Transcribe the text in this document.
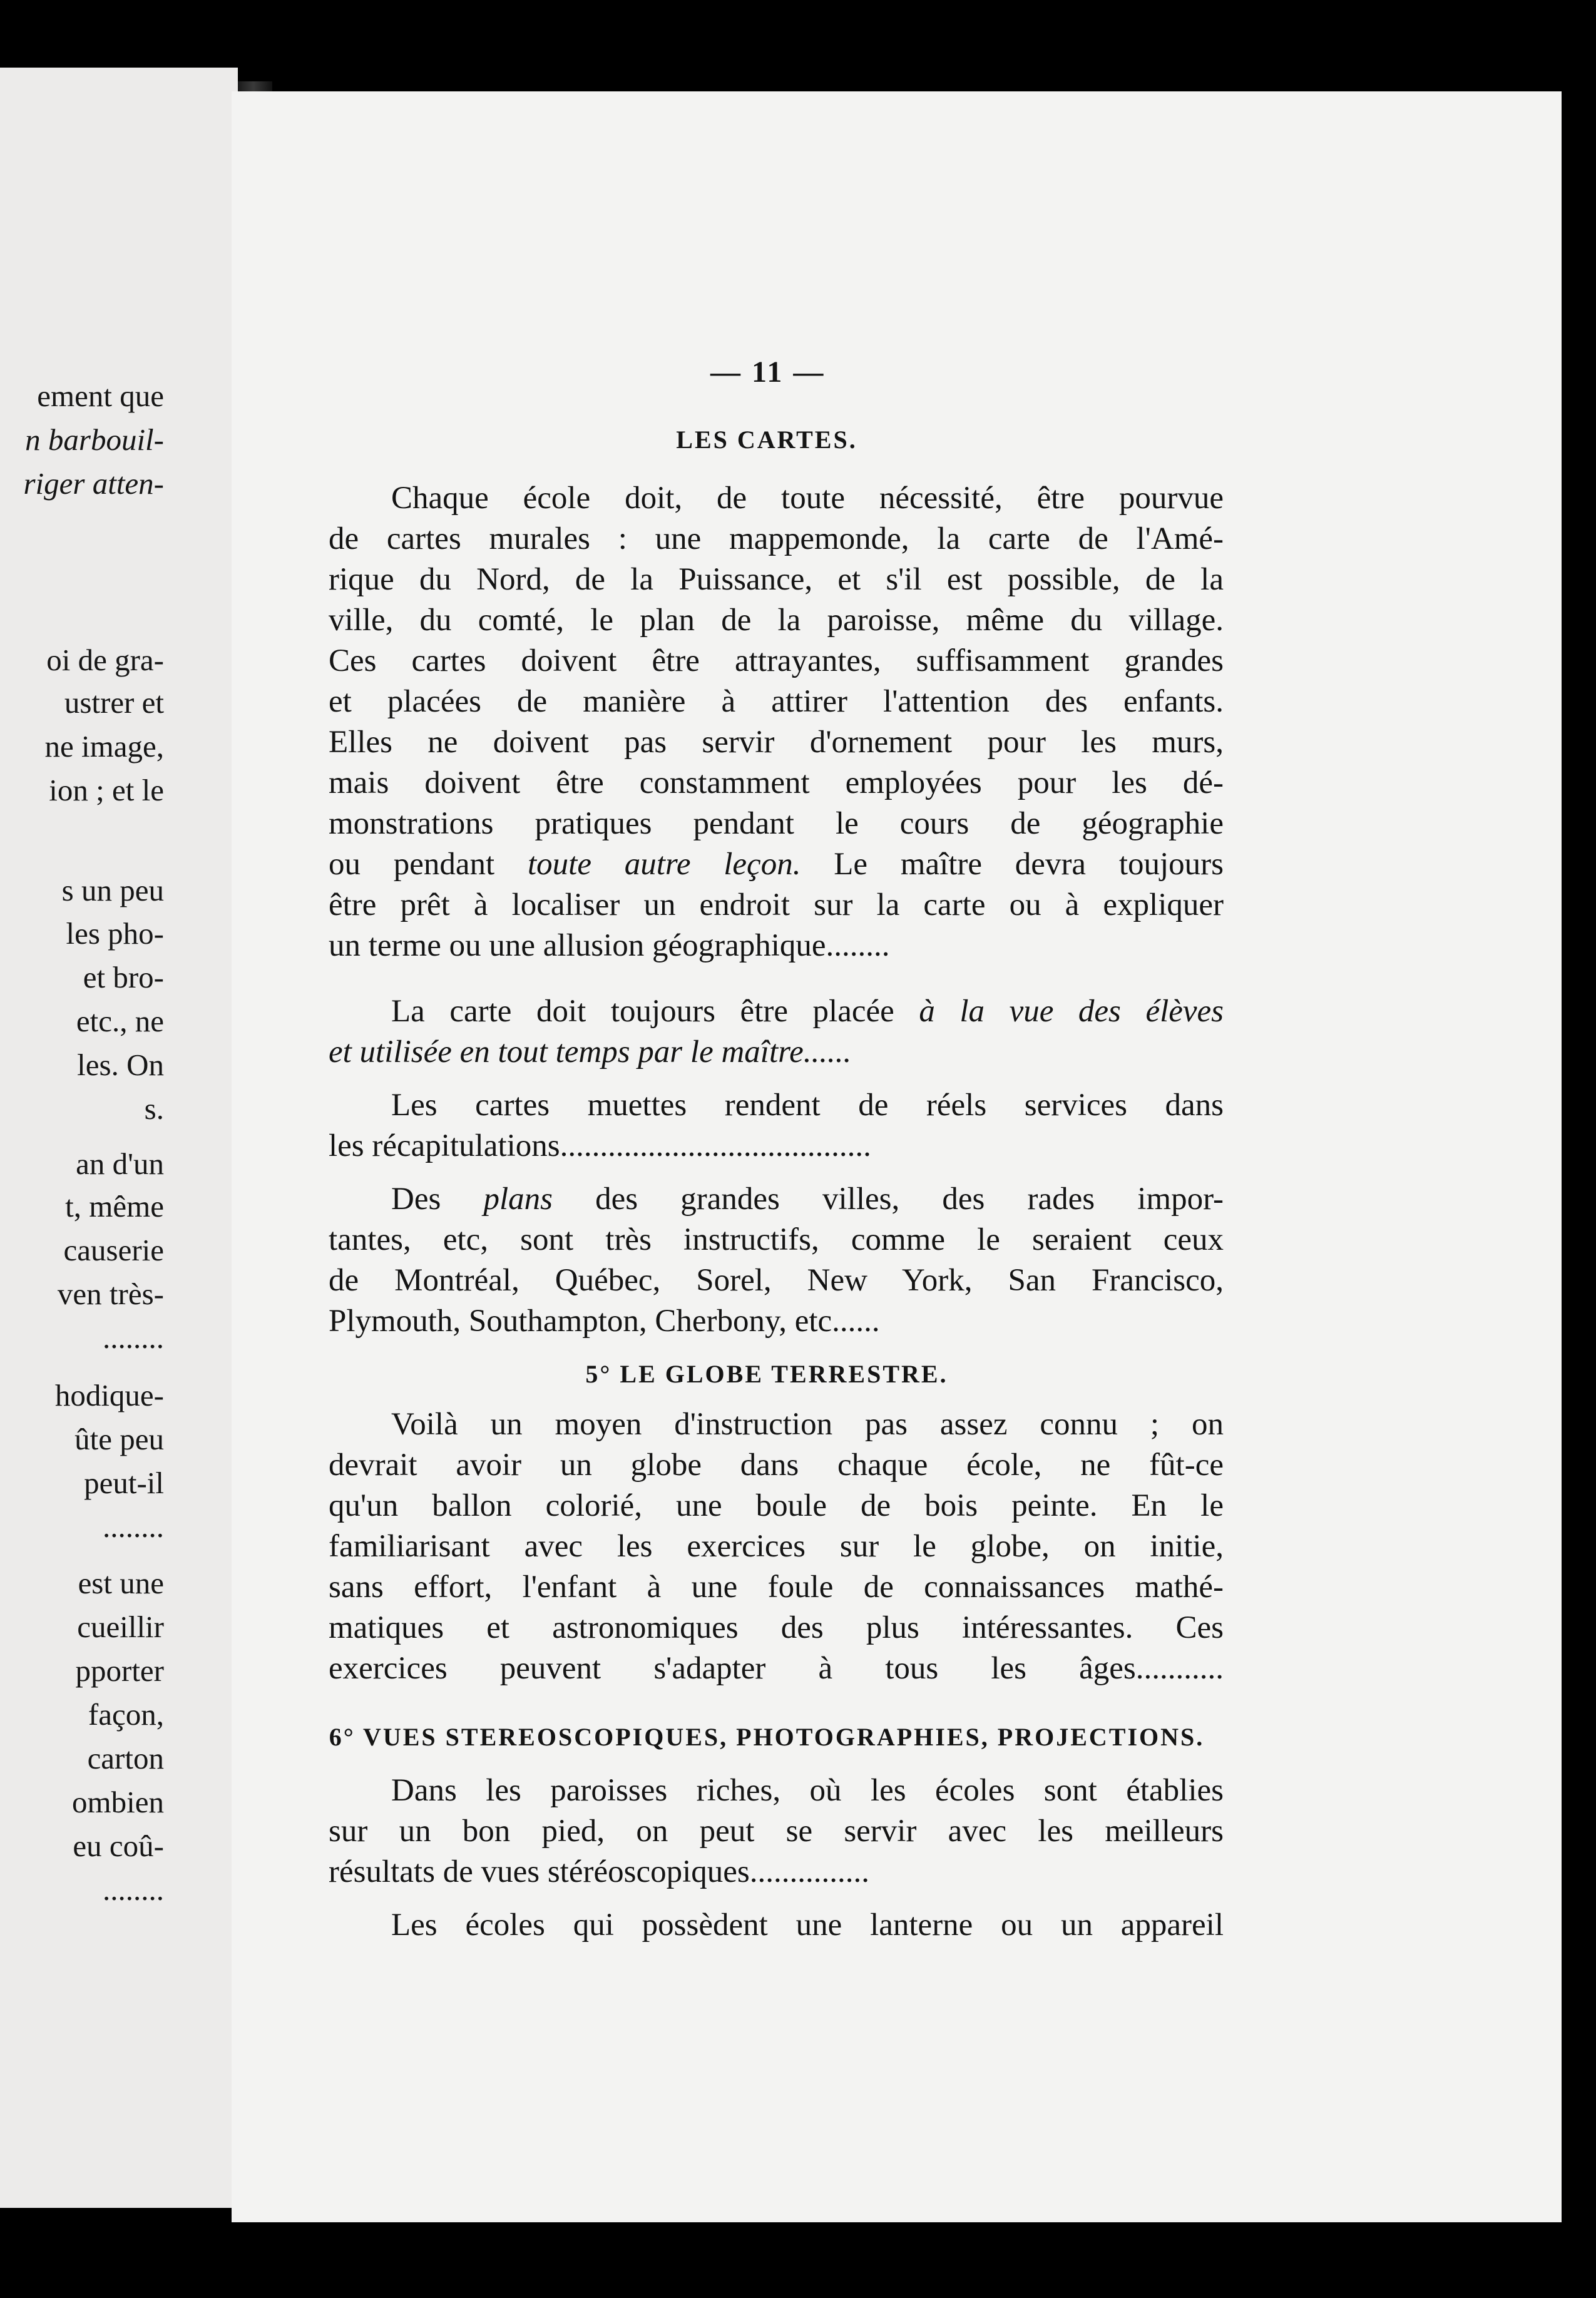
ement que
n barbouil-
riger atten-
oi de gra-
ustrer et
ne image,
ion ; et le
s un peu
les pho-
et bro-
etc., ne
les. On
s.
an d'un
t, même
causerie
ven très-
........
hodique-
ûte peu
peut-il
........
est une
cueillir
pporter
façon,
carton
ombien
eu coû-
........
— 11 —
LES CARTES.
Chaque école doit, de toute nécessité, être pourvue
de cartes murales : une mappemonde, la carte de l'Amé-
rique du Nord, de la Puissance, et s'il est possible, de la
ville, du comté, le plan de la paroisse, même du village.
Ces cartes doivent être attrayantes, suffisamment grandes
et placées de manière à attirer l'attention des enfants.
Elles ne doivent pas servir d'ornement pour les murs,
mais doivent être constamment employées pour les dé-
monstrations pratiques pendant le cours de géographie
ou pendant toute autre leçon. Le maître devra toujours
être prêt à localiser un endroit sur la carte ou à expliquer
un terme ou une allusion géographique........
La carte doit toujours être placée à la vue des élèves
et utilisée en tout temps par le maître......
Les cartes muettes rendent de réels services dans
les récapitulations.......................................
Des plans des grandes villes, des rades impor-
tantes, etc, sont très instructifs, comme le seraient ceux
de Montréal, Québec, Sorel, New York, San Francisco,
Plymouth, Southampton, Cherbony, etc......
5° LE GLOBE TERRESTRE.
Voilà un moyen d'instruction pas assez connu ; on
devrait avoir un globe dans chaque école, ne fût-ce
qu'un ballon colorié, une boule de bois peinte. En le
familiarisant avec les exercices sur le globe, on initie,
sans effort, l'enfant à une foule de connaissances mathé-
matiques et astronomiques des plus intéressantes. Ces
exercices peuvent s'adapter à tous les âges...........
6° VUES STEREOSCOPIQUES, PHOTOGRAPHIES, PROJECTIONS.
Dans les paroisses riches, où les écoles sont établies
sur un bon pied, on peut se servir avec les meilleurs
résultats de vues stéréoscopiques...............
Les écoles qui possèdent une lanterne ou un appareil
